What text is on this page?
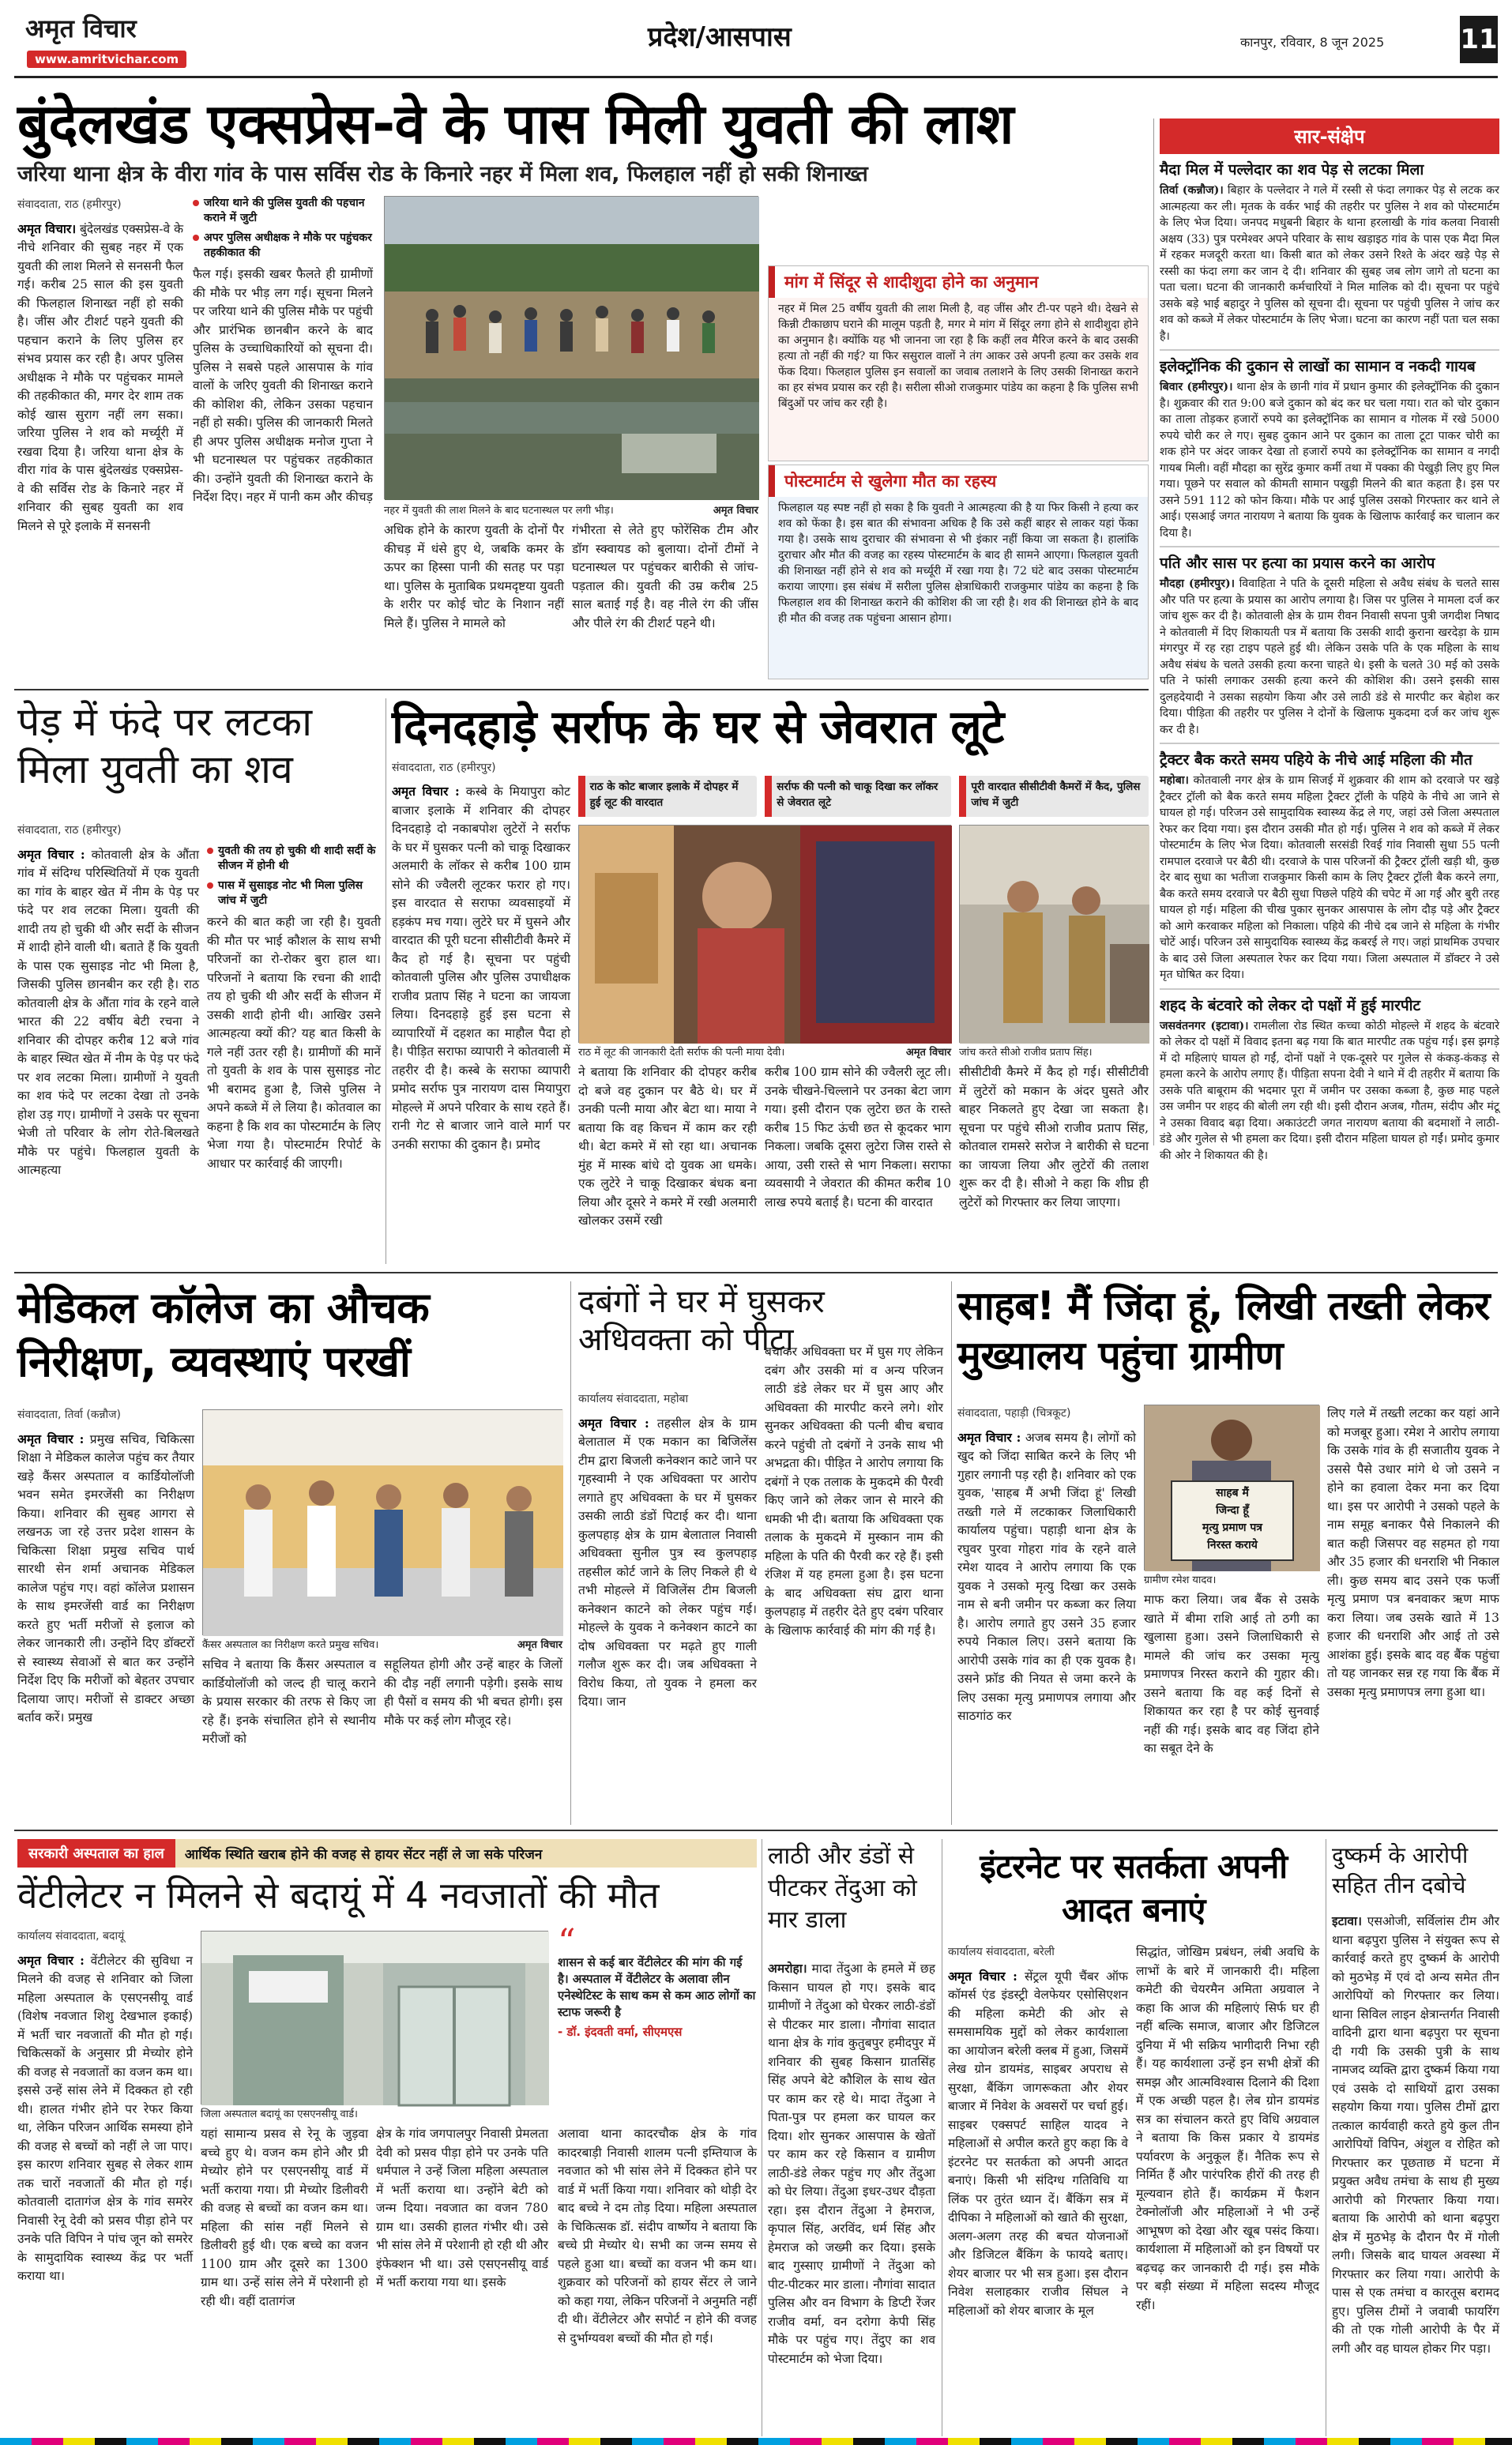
अमृत विचार
www.amritvichar.com
प्रदेश/आसपास	कानपुर, रविवार, 8 जून 2025	11
बुंदेलखंड एक्सप्रेस-वे के पास मिली युवती की लाश
जरिया थाना क्षेत्र के वीरा गांव के पास सर्विस रोड के किनारे नहर में मिला शव, फिलहाल नहीं हो सकी शिनाख्त
संवाददाता, राठ (हमीरपुर)

अमृत विचार। बुंदेलखंड एक्सप्रेस-वे के नीचे शनिवार की सुबह नहर में एक युवती की लाश मिलने से सनसनी फैल गई। करीब 25 साल की इस युवती की फिलहाल शिनाख्त नहीं हो सकी है। जींस और टीशर्ट पहने युवती की पहचान कराने के लिए पुलिस हर संभव प्रयास कर रही है। अपर पुलिस अधीक्षक ने मौके पर पहुंचकर मामले की तहकीकात की, मगर देर शाम तक कोई खास सुराग नहीं लग सका। जरिया पुलिस ने शव को मर्च्यूरी में रखवा दिया है। जरिया थाना क्षेत्र के वीरा गांव के पास बुंदेलखंड एक्सप्रेस-वे की सर्विस रोड के किनारे नहर में शनिवार की सुबह युवती का शव मिलने से पूरे इलाके में सनसनी

जरिया थाने की पुलिस युवती की पहचान कराने में जुटी
अपर पुलिस अधीक्षक ने मौके पर पहुंचकर तहकीकात की
फैल गई। इसकी खबर फैलते ही ग्रामीणों की मौके पर भीड़ लग गई। सूचना मिलने पर जरिया थाने की पुलिस मौके पर पहुंची और प्रारंभिक छानबीन करने के बाद पुलिस के उच्चाधिकारियों को सूचना दी। पुलिस ने सबसे पहले आसपास के गांव वालों के जरिए युवती की शिनाख्त कराने की कोशिश की, लेकिन उसका पहचान नहीं हो सकी। पुलिस की जानकारी मिलते ही अपर पुलिस अधीक्षक मनोज गुप्ता ने भी घटनास्थल पर पहुंचकर तहकीकात की। उन्होंने युवती की शिनाख्त कराने के निर्देश दिए। नहर में पानी कम और कीचड़
नहर में युवती की लाश मिलने के बाद घटनास्थल पर लगी भीड़।	अमृत विचार
अधिक होने के कारण युवती के दोनों पैर कीचड़ में धंसे हुए थे, जबकि कमर के ऊपर का हिस्सा पानी की सतह पर पड़ा था। पुलिस के मुताबिक प्रथमदृष्टया युवती के शरीर पर कोई चोट के निशान नहीं मिले हैं। पुलिस ने मामले को
गंभीरता से लेते हुए फोरेंसिक टीम और डॉग स्क्वायड को बुलाया। दोनों टीमों ने घटनास्थल पर पहुंचकर बारीकी से जांच-पड़ताल की। युवती की उम्र करीब 25 साल बताई गई है। वह नीले रंग की जींस और पीले रंग की टीशर्ट पहने थी।
मांग में सिंदूर से शादीशुदा होने का अनुमान
नहर में मिल 25 वर्षीय युवती की लाश मिली है, वह जींस और टी-पर पहने थी। देखने से किन्नी टीकाछाप घराने की मालूम पड़ती है, मगर मे मांग में सिंदूर लगा होने से शादीशुदा होने का अनुमान है। क्योंकि यह भी जानना जा रहा है कि कहीं लव मैरिज करने के बाद उसकी हत्या तो नहीं की गई? या फिर ससुराल वालों ने तंग आकर उसे अपनी हत्या कर उसके शव फेंक दिया। फिलहाल पुलिस इन सवालों का जवाब तलाशने के लिए उसकी शिनाख्त कराने का हर संभव प्रयास कर रही है। सरीला सीओ राजकुमार पांडेय का कहना है कि पुलिस सभी बिंदुओं पर जांच कर रही है।
पोस्टमार्टम से खुलेगा मौत का रहस्य
फिलहाल यह स्पष्ट नहीं हो सका है कि युवती ने आत्महत्या की है या फिर किसी ने हत्या कर शव को फेंका है। इस बात की संभावना अधिक है कि उसे कहीं बाहर से लाकर यहां फेंका गया है। उसके साथ दुराचार की संभावना से भी इंकार नहीं किया जा सकता है। हालांकि दुराचार और मौत की वजह का रहस्य पोस्टमार्टम के बाद ही सामने आएगा। फिलहाल युवती की शिनाख्त नहीं होने से शव को मर्च्यूरी में रखा गया है। 72 घंटे बाद उसका पोस्टमार्टम कराया जाएगा। इस संबंध में सरीला पुलिस क्षेत्राधिकारी राजकुमार पांडेय का कहना है कि फिलहाल शव की शिनाख्त कराने की कोशिश की जा रही है। शव की शिनाख्त होने के बाद ही मौत की वजह तक पहुंचना आसान होगा।
सार-संक्षेप
मैदा मिल में पल्लेदार का शव पेड़ से लटका मिला
तिर्वा (कन्नौज)। बिहार के पल्लेदार ने गले में रस्सी से फंदा लगाकर पेड़ से लटक कर आत्महत्या कर ली। मृतक के वर्कर भाई की तहरीर पर पुलिस ने शव को पोस्टमार्टम के लिए भेज दिया। जनपद मधुबनी बिहार के थाना हरलाखी के गांव कलवा निवासी अक्षय (33) पुत्र परमेश्वर अपने परिवार के साथ खड़ाइठ गांव के पास एक मैदा मिल में रहकर मजदूरी करता था। किसी बात को लेकर उसने रिश्ते के अंदर खड़े पेड़ से रस्सी का फंदा लगा कर जान दे दी। शनिवार की सुबह जब लोग जागे तो घटना का पता चला। घटना की जानकारी कर्मचारियों ने मिल मालिक को दी। सूचना पर पहुंचे उसके बड़े भाई बहादुर ने पुलिस को सूचना दी। सूचना पर पहुंची पुलिस ने जांच कर शव को कब्जे में लेकर पोस्टमार्टम के लिए भेजा। घटना का कारण नहीं पता चल सका है।
इलेक्ट्रॉनिक की दुकान से लाखों का सामान व नकदी गायब
बिवार (हमीरपुर)। थाना क्षेत्र के छानी गांव में प्रधान कुमार की इलेक्ट्रॉनिक की दुकान है। शुक्रवार की रात 9:00 बजे दुकान को बंद कर घर चला गया। रात को चोर दुकान का ताला तोड़कर हजारों रुपये का इलेक्ट्रॉनिक का सामान व गोलक में रखे 5000 रुपये चोरी कर ले गए। सुबह दुकान आने पर दुकान का ताला टूटा पाकर चोरी का शक होने पर अंदर जाकर देखा तो हजारों रुपये का इलेक्ट्रॉनिक का सामान व नगदी गायब मिली। वहीं मौदहा का सुरेंद्र कुमार कर्मी तथा में पक्का की पेखुड़ी लिए हुए मिल गया। पूछने पर सवाल को कीमती सामान पखुड़ी मिलने की बात कहता है। इस पर उसने 591 112 को फोन किया। मौके पर आई पुलिस उसको गिरफ्तार कर थाने ले आई। एसआई जगत नारायण ने बताया कि युवक के खिलाफ कार्रवाई कर चालान कर दिया है।
पति और सास पर हत्या का प्रयास करने का आरोप
मौदहा (हमीरपुर)। विवाहिता ने पति के दूसरी महिला से अवैध संबंध के चलते सास और पति पर हत्या के प्रयास का आरोप लगाया है। जिस पर पुलिस ने मामला दर्ज कर जांच शुरू कर दी है। कोतवाली क्षेत्र के ग्राम रीवन निवासी सपना पुत्री जगदीश निषाद ने कोतवाली में दिए शिकायती पत्र में बताया कि उसकी शादी कुराना खरदेड़ा के ग्राम मंगरपुर में रह रहा टाइप पहले हुई थी। लेकिन उसके पति के एक महिला के साथ अवैध संबंध के चलते उसकी हत्या करना चाहते थे। इसी के चलते 30 मई को उसके पति ने फांसी लगाकर उसकी हत्या करने की कोशिश की। उसने इसकी सास दुलहदेयादी ने उसका सहयोग किया और उसे लाठी डंडे से मारपीट कर बेहोश कर दिया। पीड़िता की तहरीर पर पुलिस ने दोनों के खिलाफ मुकदमा दर्ज कर जांच शुरू कर दी है।
ट्रैक्टर बैक करते समय पहिये के नीचे आई महिला की मौत
महोबा। कोतवाली नगर क्षेत्र के ग्राम सिजई में शुक्रवार की शाम को दरवाजे पर खड़े ट्रैक्टर ट्रॉली को बैक करते समय महिला ट्रैक्टर ट्रॉली के पहिये के नीचे आ जाने से घायल हो गई। परिजन उसे सामुदायिक स्वास्थ्य केंद्र ले गए, जहां उसे जिला अस्पताल रेफर कर दिया गया। इस दौरान उसकी मौत हो गई। पुलिस ने शव को कब्जे में लेकर पोस्टमार्टम के लिए भेज दिया। कोतवाली सरसंडी रिवई गांव निवासी सुधा 55 पत्नी रामपाल दरवाजे पर बैठी थी। दरवाजे के पास परिजनों की ट्रैक्टर ट्रॉली खड़ी थी, कुछ देर बाद सुधा का भतीजा राजकुमार किसी काम के लिए ट्रैक्टर ट्रॉली बैक करने लगा, बैक करते समय दरवाजे पर बैठी सुधा पिछले पहिये की चपेट में आ गई और बुरी तरह घायल हो गई। महिला की चीख पुकार सुनकर आसपास के लोग दौड़ पड़े और ट्रैक्टर को आगे करवाकर महिला को निकाला। पहिये की नीचे दब जाने से महिला के गंभीर चोटें आई। परिजन उसे सामुदायिक स्वास्थ्य केंद्र कबरई ले गए। जहां प्राथमिक उपचार के बाद उसे जिला अस्पताल रेफर कर दिया गया। जिला अस्पताल में डॉक्टर ने उसे मृत घोषित कर दिया।
शहद के बंटवारे को लेकर दो पक्षों में हुई मारपीट
जसवंतनगर (इटावा)। रामलीला रोड स्थित कच्चा कोठी मोहल्ले में शहद के बंटवारे को लेकर दो पक्षों में विवाद इतना बढ़ गया कि बात मारपीट तक पहुंच गई। इस झगड़े में दो महिलाएं घायल हो गईं, दोनों पक्षों ने एक-दूसरे पर गुलेल से कंकड़-कंकड़ से हमला करने के आरोप लगाए हैं। पीड़िता सपना देवी ने थाने में दी तहरीर में बताया कि उसके पति बाबूराम की भदमार पूरा में जमीन पर उसका कब्जा है, कुछ माह पहले उस जमीन पर शहद की बोली लग रही थी। इसी दौरान अजब, गौतम, संदीप और मंटू ने उसका विवाद बढ़ा दिया। अकाउंटटी जगत नारायण बताया की बदमाशों ने लाठी-डंडे और गुलेल से भी हमला कर दिया। इसी दौरान महिला घायल हो गईं। प्रमोद कुमार की ओर ने शिकायत की है।
पेड़ में फंदे पर लटका मिला युवती का शव
संवाददाता, राठ (हमीरपुर)

अमृत विचार : कोतवाली क्षेत्र के औंता गांव में संदिग्ध परिस्थितियों में एक युवती का गांव के बाहर खेत में नीम के पेड़ पर फंदे पर शव लटका मिला। युवती की शादी तय हो चुकी थी और सर्दी के सीजन में शादी होने वाली थी। बताते हैं कि युवती के पास एक सुसाइड नोट भी मिला है, जिसकी पुलिस छानबीन कर रही है। राठ कोतवाली क्षेत्र के औंता गांव के रहने वाले भारत की 22 वर्षीय बेटी रचना ने शनिवार की दोपहर करीब 12 बजे गांव के बाहर स्थित खेत में नीम के पेड़ पर फंदे पर शव लटका मिला। ग्रामीणों ने युवती का शव फंदे पर लटका देखा तो उनके होश उड़ गए। ग्रामीणों ने उसके पर सूचना भेजी तो परिवार के लोग रोते-बिलखते मौके पर पहुंचे। फिलहाल युवती के आत्महत्या

युवती की तय हो चुकी थी शादी सर्दी के सीजन में होनी थी
पास में सुसाइड नोट भी मिला पुलिस जांच में जुटी
करने की बात कही जा रही है। युवती की मौत पर भाई कौशल के साथ सभी परिजनों का रो-रोकर बुरा हाल था। परिजनों ने बताया कि रचना की शादी तय हो चुकी थी और सर्दी के सीजन में उसकी शादी होनी थी। आखिर उसने आत्महत्या क्यों की? यह बात किसी के गले नहीं उतर रही है। ग्रामीणों की मानें तो युवती के शव के पास सुसाइड नोट भी बरामद हुआ है, जिसे पुलिस ने अपने कब्जे में ले लिया है। कोतवाल का कहना है कि शव का पोस्टमार्टम के लिए भेजा गया है। पोस्टमार्टम रिपोर्ट के आधार पर कार्रवाई की जाएगी।
दिनदहाड़े सर्राफ के घर से जेवरात लूटे
संवाददाता, राठ (हमीरपुर)

अमृत विचार : कस्बे के मियापुरा कोट बाजार इलाके में शनिवार की दोपहर दिनदहाड़े दो नकाबपोश लुटेरों ने सर्राफ के घर में घुसकर पत्नी को चाकू दिखाकर अलमारी के लॉकर से करीब 100 ग्राम सोने की ज्वैलरी लूटकर फरार हो गए। इस वारदात से सराफा व्यवसाइयों में हड़कंप मच गया। लुटेरे घर में घुसने और वारदात की पूरी घटना सीसीटीवी कैमरे में कैद हो गई है। सूचना पर पहुंची कोतवाली पुलिस और पुलिस उपाधीक्षक राजीव प्रताप सिंह ने घटना का जायजा लिया। दिनदहाड़े हुई इस घटना से व्यापारियों में दहशत का माहौल पैदा हो है। पीड़ित सराफा व्यापारी ने कोतवाली में तहरीर दी है। कस्बे के सराफा व्यापारी प्रमोद सर्राफ पुत्र नारायण दास मियापुरा मोहल्ले में अपने परिवार के साथ रहते हैं। रानी गेट से बाजार जाने वाले मार्ग पर उनकी सराफा की दुकान है। प्रमोद

राठ के कोट बाजार इलाके में दोपहर में हुई लूट की वारदात
सर्राफ की पत्नी को चाकू दिखा कर लॉकर से जेवरात लूटे
पूरी वारदात सीसीटीवी कैमरों में कैद, पुलिस जांच में जुटी
राठ में लूट की जानकारी देती सर्राफ की पत्नी माया देवी।	अमृत विचार जांच करते सीओ राजीव प्रताप सिंह।
ने बताया कि शनिवार की दोपहर करीब दो बजे वह दुकान पर बैठे थे। घर में उनकी पत्नी माया और बेटा था। माया ने बताया कि वह किचन में काम कर रही थी। बेटा कमरे में सो रहा था। अचानक मुंह में मास्क बांधे दो युवक आ धमके। एक लुटेरे ने चाकू दिखाकर बंधक बना लिया और दूसरे ने कमरे में रखी अलमारी खोलकर उसमें रखी
करीब 100 ग्राम सोने की ज्वैलरी लूट ली। उनके चीखने-चिल्लाने पर उनका बेटा जाग गया। इसी दौरान एक लुटेरा छत के रास्ते करीब 15 फिट ऊंची छत से कूदकर भाग निकला। जबकि दूसरा लुटेरा जिस रास्ते से आया, उसी रास्ते से भाग निकला। सराफा व्यवसायी ने जेवरात की कीमत करीब 10 लाख रुपये बताई है। घटना की वारदात
सीसीटीवी कैमरे में कैद हो गई। सीसीटीवी में लुटेरों को मकान के अंदर घुसते और बाहर निकलते हुए देखा जा सकता है। सूचना पर पहुंचे सीओ राजीव प्रताप सिंह, कोतवाल रामसरे सरोज ने बारीकी से घटना का जायजा लिया और लुटेरों की तलाश शुरू कर दी है। सीओ ने कहा कि शीघ्र ही लुटेरों को गिरफ्तार कर लिया जाएगा।
मेडिकल कॉलेज का औचक निरीक्षण, व्यवस्थाएं परखीं
संवाददाता, तिर्वा (कन्नौज)

अमृत विचार : प्रमुख सचिव, चिकित्सा शिक्षा ने मेडिकल कालेज पहुंच कर तैयार खड़े कैंसर अस्पताल व कार्डियोलॉजी भवन समेत इमरजेंसी का निरीक्षण किया। शनिवार की सुबह आगरा से लखनऊ जा रहे उत्तर प्रदेश शासन के चिकित्सा शिक्षा प्रमुख सचिव पार्थ सारथी सेन शर्मा अचानक मेडिकल कालेज पहुंच गए। वहां कॉलेज प्रशासन के साथ इमरजेंसी वार्ड का निरीक्षण करते हुए भर्ती मरीजों से इलाज को लेकर जानकारी ली। उन्होंने दिए डॉक्टरों से स्वास्थ्य सेवाओं से बात कर उन्होंने निर्देश दिए कि मरीजों को बेहतर उपचार दिलाया जाए। मरीजों से डाक्टर अच्छा बर्ताव करें। प्रमुख

कैंसर अस्पताल का निरीक्षण करते प्रमुख सचिव।	अमृत विचार
सचिव ने बताया कि कैंसर अस्पताल व कार्डियोलॉजी को जल्द ही चालू कराने के प्रयास सरकार की तरफ से किए जा रहे हैं। इनके संचालित होने से स्थानीय मरीजों को
सहूलियत होगी और उन्हें बाहर के जिलों की दौड़ नहीं लगानी पड़ेगी। इसके साथ ही पैसों व समय की भी बचत होगी। इस मौके पर कई लोग मौजूद रहे।
दबंगों ने घर में घुसकर
अधिवक्ता को पीटा
कार्यालय संवाददाता, महोबा

अमृत विचार : तहसील क्षेत्र के ग्राम बेलाताल में एक मकान का बिजिलेंस टीम द्वारा बिजली कनेक्शन काटे जाने पर गृहस्वामी ने एक अधिवक्ता पर आरोप लगाते हुए अधिवक्ता के घर में घुसकर उसकी लाठी डंडों पिटाई कर दी। थाना कुलपहाड़ क्षेत्र के ग्राम बेलाताल निवासी अधिवक्ता सुनील पुत्र स्व कुलपहाड़ तहसील कोर्ट जाने के लिए निकले ही थे तभी मोहल्ले में विजिलेंस टीम बिजली कनेक्शन काटने को लेकर पहुंच गई। मोहल्ले के युवक ने कनेक्शन काटने का दोष अधिवक्ता पर मढ़ते हुए गाली गलौज शुरू कर दी। जब अधिवक्ता ने विरोध किया, तो युवक ने हमला कर दिया। जान

बचाकर अधिवक्ता घर में घुस गए लेकिन दबंग और उसकी मां व अन्य परिजन लाठी डंडे लेकर घर में घुस आए और अधिवक्ता की मारपीट करने लगे। शोर सुनकर अधिवक्ता की पत्नी बीच बचाव करने पहुंची तो दबंगों ने उनके साथ भी अभद्रता की। पीड़ित ने आरोप लगाया कि दबंगों ने एक तलाक के मुकदमे की पैरवी किए जाने को लेकर जान से मारने की धमकी भी दी। बताया कि अधिवक्ता एक तलाक के मुकदमे में मुस्कान नाम की महिला के पति की पैरवी कर रहे हैं। इसी रंजिश में यह हमला हुआ है। इस घटना के बाद अधिवक्ता संघ द्वारा थाना कुलपहाड़ में तहरीर देते हुए दबंग परिवार के खिलाफ कार्रवाई की मांग की गई है।
साहब! मैं जिंदा हूं, लिखी तख्ती लेकर मुख्यालय पहुंचा ग्रामीण
संवाददाता, पहाड़ी (चित्रकूट)

अमृत विचार : अजब समय है। लोगों को खुद को जिंदा साबित करने के लिए भी गुहार लगानी पड़ रही है। शनिवार को एक युवक, 'साहब मैं अभी जिंदा हूं' लिखी तख्ती गले में लटकाकर जिलाधिकारी कार्यालय पहुंचा। पहाड़ी थाना क्षेत्र के रघुवर पुरवा गोहरा गांव के रहने वाले रमेश यादव ने आरोप लगाया कि एक युवक ने उसको मृत्यु दिखा कर उसके नाम से बनी जमीन पर कब्जा कर लिया है। आरोप लगाते हुए उसने 35 हजार रुपये निकाल लिए। उसने बताया कि आरोपी उसके गांव का ही एक युवक है। उसने फ्रॉड की नियत से जमा करने के लिए उसका मृत्यु प्रमाणपत्र लगाया और साठगांठ कर

साहब मैं
जिन्दा हूँ
मृत्यु प्रमाण पत्र
निरस्त कराये
ग्रामीण रमेश यादव।
माफ करा लिया। जब बैंक से उसके खाते में बीमा राशि आई तो ठगी का खुलासा हुआ। उसने जिलाधिकारी से मामले की जांच कर उसका मृत्यु प्रमाणपत्र निरस्त कराने की गुहार की। उसने बताया कि वह कई दिनों से शिकायत कर रहा है पर कोई सुनवाई नहीं की गई। इसके बाद वह जिंदा होने का सबूत देने के
लिए गले में तख्ती लटका कर यहां आने को मजबूर हुआ। रमेश ने आरोप लगाया कि उसके गांव के ही सजातीय युवक ने उससे पैसे उधार मांगे थे जो उसने न होने का हवाला देकर मना कर दिया था। इस पर आरोपी ने उसको पहले के नाम समूह बनाकर पैसे निकालने की बात कही जिसपर वह सहमत हो गया और 35 हजार की धनराशि भी निकाल ली। कुछ समय बाद उसने एक फर्जी मृत्यु प्रमाण पत्र बनवाकर ऋण माफ करा लिया। जब उसके खाते में 13 हजार की धनराशि और आई तो उसे आशंका हुई। इसके बाद वह बैंक पहुंचा तो यह जानकर सन्न रह गया कि बैंक में उसका मृत्यु प्रमाणपत्र लगा हुआ था।
सरकारी अस्पताल का हाल	आर्थिक स्थिति खराब होने की वजह से हायर सेंटर नहीं ले जा सके परिजन
वेंटीलेटर न मिलने से बदायूं में 4 नवजातों की मौत
कार्यालय संवाददाता, बदायूं

अमृत विचार : वेंटीलेटर की सुविधा न मिलने की वजह से शनिवार को जिला महिला अस्पताल के एसएनसीयू वार्ड (विशेष नवजात शिशु देखभाल इकाई) में भर्ती चार नवजातों की मौत हो गई। चिकित्सकों के अनुसार प्री मेच्योर होने की वजह से नवजातों का वजन कम था। इससे उन्हें सांस लेने में दिक्कत हो रही थी। हालत गंभीर होने पर रेफर किया था, लेकिन परिजन आर्थिक समस्या होने की वजह से बच्चों को नहीं ले जा पाए। इस कारण शनिवार सुबह से लेकर शाम तक चारों नवजातों की मौत हो गई। कोतवाली दातागंज क्षेत्र के गांव समरेर निवासी रेनू देवी को प्रसव पीड़ा होने पर उनके पति विपिन ने पांच जून को समरेर के सामुदायिक स्वास्थ्य केंद्र पर भर्ती कराया था।

जिला अस्पताल बदायूं का एसएनसीयू वार्ड।
“
शासन से कई बार वेंटीलेटर की मांग की गई है। अस्पताल में वेंटीलेटर के अलावा लीन एनेस्थेटिस्ट के साथ कम से कम आठ लोगों का स्टाफ जरूरी है
- डॉ. इंदवती वर्मा, सीएमएस
यहां सामान्य प्रसव से रेनू के जुड़वा बच्चे हुए थे। वजन कम होने और प्री मेच्योर होने पर एसएनसीयू वार्ड में भर्ती कराया गया। प्री मेच्योर डिलीवरी की वजह से बच्चों का वजन कम था। महिला की सांस नहीं मिलने से डिलीवरी हुई थी। एक बच्चे का वजन 1100 ग्राम और दूसरे का 1300 ग्राम था। उन्हें सांस लेने में परेशानी हो रही थी। वहीं दातागंज
क्षेत्र के गांव जगपालपुर निवासी प्रेमलता देवी को प्रसव पीड़ा होने पर उनके पति धर्मपाल ने उन्हें जिला महिला अस्पताल में भर्ती कराया था। उन्होंने बेटी को जन्म दिया। नवजात का वजन 780 ग्राम था। उसकी हालत गंभीर थी। उसे भी सांस लेने में परेशानी हो रही थी और इंफेक्शन भी था। उसे एसएनसीयू वार्ड में भर्ती कराया गया था। इसके
अलावा थाना कादरचौक क्षेत्र के गांव कादरबाड़ी निवासी शालम पत्नी इम्तियाज के नवजात को भी सांस लेने में दिक्कत होने पर वार्ड में भर्ती किया गया। शनिवार को थोड़ी देर बाद बच्चे ने दम तोड़ दिया। महिला अस्पताल के चिकित्सक डॉ. संदीप वार्ष्णेय ने बताया कि बच्चे प्री मेच्योर थे। सभी का जन्म समय से पहले हुआ था। बच्चों का वजन भी कम था। शुक्रवार को परिजनों को हायर सेंटर ले जाने को कहा गया, लेकिन परिजनों ने अनुमति नहीं दी थी। वेंटीलेटर और सपोर्ट न होने की वजह से दुर्भाग्यवश बच्चों की मौत हो गई।
लाठी और डंडों से पीटकर तेंदुआ को मार डाला

अमरोहा। मादा तेंदुआ के हमले में छह किसान घायल हो गए। इसके बाद ग्रामीणों ने तेंदुआ को घेरकर लाठी-डंडों से पीटकर मार डाला। नौगांवा सादात थाना क्षेत्र के गांव कुतुबपुर हमीदपुर में शनिवार की सुबह किसान ग्रातसिंह सिंह अपने बेटे कौशिल के साथ खेत पर काम कर रहे थे। मादा तेंदुआ ने पिता-पुत्र पर हमला कर घायल कर दिया। शोर सुनकर आसपास के खेतों पर काम कर रहे किसान व ग्रामीण लाठी-डंडे लेकर पहुंच गए और तेंदुआ को घेर लिया। तेंदुआ इधर-उधर दौड़ता रहा। इस दौरान तेंदुआ ने हेमराज, कृपाल सिंह, अरविंद, धर्म सिंह और हेमराज को जख्मी कर दिया। इसके बाद गुस्साए ग्रामीणों ने तेंदुआ को पीट-पीटकर मार डाला। नौगांवा सादात पुलिस और वन विभाग के डिप्टी रेंजर राजीव वर्मा, वन दरोगा केपी सिंह मौके पर पहुंच गए। तेंदुए का शव पोस्टमार्टम को भेजा दिया।

इंटरनेट पर सतर्कता अपनी आदत बनाएं
कार्यालय संवाददाता, बरेली

अमृत विचार : सेंट्रल यूपी चैंबर ऑफ कॉमर्स एंड इंडस्ट्री वेलफेयर एसोसिएशन की महिला कमेटी की ओर से समसामयिक मुद्दों को लेकर कार्यशाला का आयोजन बरेली क्लब में हुआ, जिसमें लेख ग्रोन डायमंड, साइबर अपराध से सुरक्षा, बैंकिंग जागरूकता और शेयर बाजार में निवेश के अवसरों पर चर्चा हुई। साइबर एक्सपर्ट साहिल यादव ने महिलाओं से अपील करते हुए कहा कि वे इंटरनेट पर सतर्कता को अपनी आदत बनाएं। किसी भी संदिग्ध गतिविधि या लिंक पर तुरंत ध्यान दें। बैंकिंग सत्र में दीपिका ने महिलाओं को खाते की सुरक्षा, अलग-अलग तरह की बचत योजनाओं और डिजिटल बैंकिंग के फायदे बताए। शेयर बाजार पर भी सत्र हुआ। इस दौरान निवेश सलाहकार राजीव सिंघल ने महिलाओं को शेयर बाजार के मूल

सिद्धांत, जोखिम प्रबंधन, लंबी अवधि के लाभों के बारे में जानकारी दी। महिला कमेटी की चेयरमैन अमिता अग्रवाल ने कहा कि आज की महिलाएं सिर्फ घर ही नहीं बल्कि समाज, बाजार और डिजिटल दुनिया में भी सक्रिय भागीदारी निभा रही हैं। यह कार्यशाला उन्हें इन सभी क्षेत्रों की समझ और आत्मविश्वास दिलाने की दिशा में एक अच्छी पहल है। लेब ग्रोन डायमंड सत्र का संचालन करते हुए विधि अग्रवाल ने बताया कि किस प्रकार ये डायमंड पर्यावरण के अनुकूल हैं। नैतिक रूप से निर्मित हैं और पारंपरिक हीरों की तरह ही मूल्यवान होते हैं। कार्यक्रम में फैशन टेक्नोलॉजी और महिलाओं ने भी उन्हें आभूषण को देखा और खूब पसंद किया। कार्यशाला में महिलाओं को इन विषयों पर बढ़चढ़ कर जानकारी दी गई। इस मौके पर बड़ी संख्या में महिला सदस्य मौजूद रहीं।
दुष्कर्म के आरोपी सहित तीन दबोचे

इटावा। एसओजी, सर्विलांस टीम और थाना बढ़पुरा पुलिस ने संयुक्त रूप से कार्रवाई करते हुए दुष्कर्म के आरोपी को मुठभेड़ में एवं दो अन्य समेत तीन आरोपियों को गिरफ्तार कर लिया। थाना सिविल लाइन क्षेत्रान्तर्गत निवासी वादिनी द्वारा थाना बढ़पुरा पर सूचना दी गयी कि उसकी पुत्री के साथ नामजद व्यक्ति द्वारा दुष्कर्म किया गया एवं उसके दो साथियों द्वारा उसका सहयोग किया गया। पुलिस टीमों द्वारा तत्काल कार्यवाही करते हुये कुल तीन आरोपियों विपिन, अंशुल व रोहित को गिरफ्तार कर पूछताछ में घटना में प्रयुक्त अवैध तमंचा के साथ ही मुख्य आरोपी को गिरफ्तार किया गया। बताया कि आरोपी को थाना बढ़पुरा क्षेत्र में मुठभेड़ के दौरान पैर में गोली लगी। जिसके बाद घायल अवस्था में गिरफ्तार कर लिया गया। आरोपी के पास से एक तमंचा व कारतूस बरामद हुए। पुलिस टीमों ने जवाबी फायरिंग की तो एक गोली आरोपी के पैर में लगी और वह घायल होकर गिर पड़ा।
